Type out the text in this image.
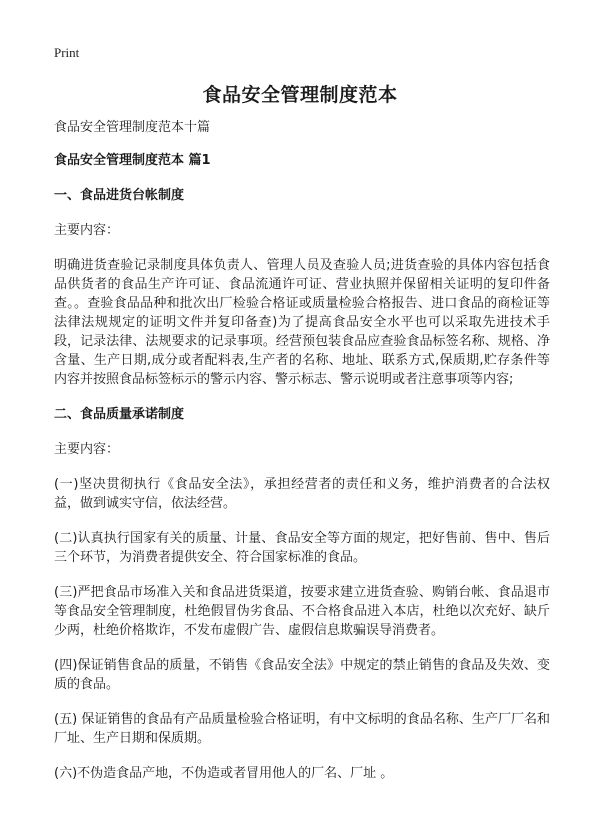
Print
食品安全管理制度范本

食品安全管理制度范本十篇

食品安全管理制度范本 篇1

一、食品进货台帐制度

主要内容：

明确进货查验记录制度具体负责人、管理人员及查验人员;进货查验的具体内容包括食品供货者的食品生产许可证、食品流通许可证、营业执照并保留相关证明的复印件备查。。查验食品品种和批次出厂检验合格证或质量检验合格报告、进口食品的商检证等法律法规规定的证明文件并复印备查)为了提高食品安全水平也可以采取先进技术手段，记录法律、法规要求的记录事项。经营预包装食品应查验食品标签名称、规格、净含量、生产日期,成分或者配料表,生产者的名称、地址、联系方式,保质期,贮存条件等内容并按照食品标签标示的警示内容、警示标志、警示说明或者注意事项等内容;

二、食品质量承诺制度

主要内容：

(一)坚决贯彻执行《食品安全法》，承担经营者的责任和义务，维护消费者的合法权益，做到诚实守信，依法经营。

(二)认真执行国家有关的质量、计量、食品安全等方面的规定，把好售前、售中、售后三个环节，为消费者提供安全、符合国家标准的食品。

(三)严把食品市场准入关和食品进货渠道，按要求建立进货查验、购销台帐、食品退市等食品安全管理制度，杜绝假冒伪劣食品、不合格食品进入本店，杜绝以次充好、缺斤少两，杜绝价格欺诈，不发布虚假广告、虚假信息欺骗误导消费者。

(四)保证销售食品的质量，不销售《食品安全法》中规定的禁止销售的食品及失效、变质的食品。

(五) 保证销售的食品有产品质量检验合格证明，有中文标明的食品名称、生产厂厂名和厂址、生产日期和保质期。

(六)不伪造食品产地，不伪造或者冒用他人的厂名、厂址 。
